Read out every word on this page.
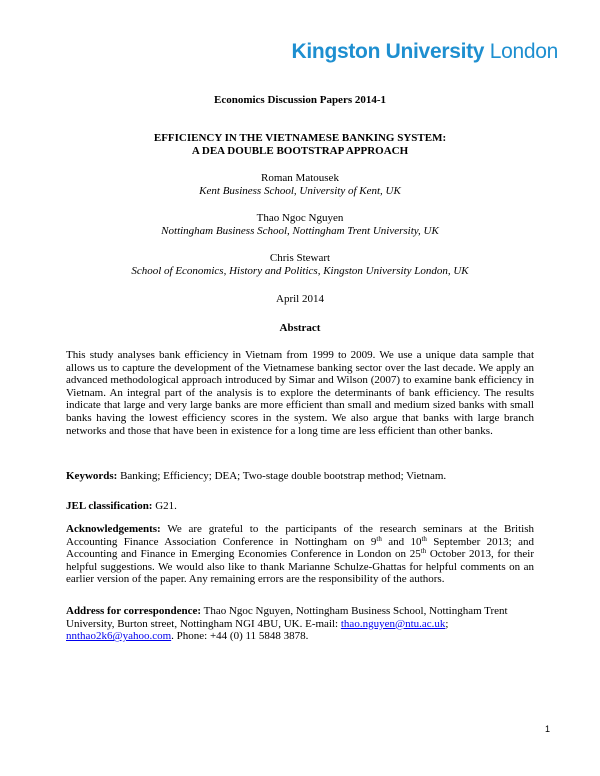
Kingston University London
Economics Discussion Papers 2014-1
EFFICIENCY IN THE VIETNAMESE BANKING SYSTEM:
A DEA DOUBLE BOOTSTRAP APPROACH
Roman Matousek
Kent Business School, University of Kent, UK
Thao Ngoc Nguyen
Nottingham Business School, Nottingham Trent University, UK
Chris Stewart
School of Economics, History and Politics, Kingston University London, UK
April 2014
Abstract

This study analyses bank efficiency in Vietnam from 1999 to 2009. We use a unique data sample that allows us to capture the development of the Vietnamese banking sector over the last decade. We apply an advanced methodological approach introduced by Simar and Wilson (2007) to examine bank efficiency in Vietnam. An integral part of the analysis is to explore the determinants of bank efficiency. The results indicate that large and very large banks are more efficient than small and medium sized banks with small banks having the lowest efficiency scores in the system. We also argue that banks with large branch networks and those that have been in existence for a long time are less efficient than other banks.

Keywords: Banking; Efficiency; DEA; Two-stage double bootstrap method; Vietnam.

JEL classification: G21.

Acknowledgements: We are grateful to the participants of the research seminars at the British Accounting Finance Association Conference in Nottingham on 9th and 10th September 2013; and Accounting and Finance in Emerging Economies Conference in London on 25th October 2013, for their helpful suggestions. We would also like to thank Marianne Schulze-Ghattas for helpful comments on an earlier version of the paper. Any remaining errors are the responsibility of the authors.

Address for correspondence: Thao Ngoc Nguyen, Nottingham Business School, Nottingham Trent University, Burton street, Nottingham NGI 4BU, UK. E-mail: thao.nguyen@ntu.ac.uk;
nnthao2k6@yahoo.com. Phone: +44 (0) 11 5848 3878.

1
